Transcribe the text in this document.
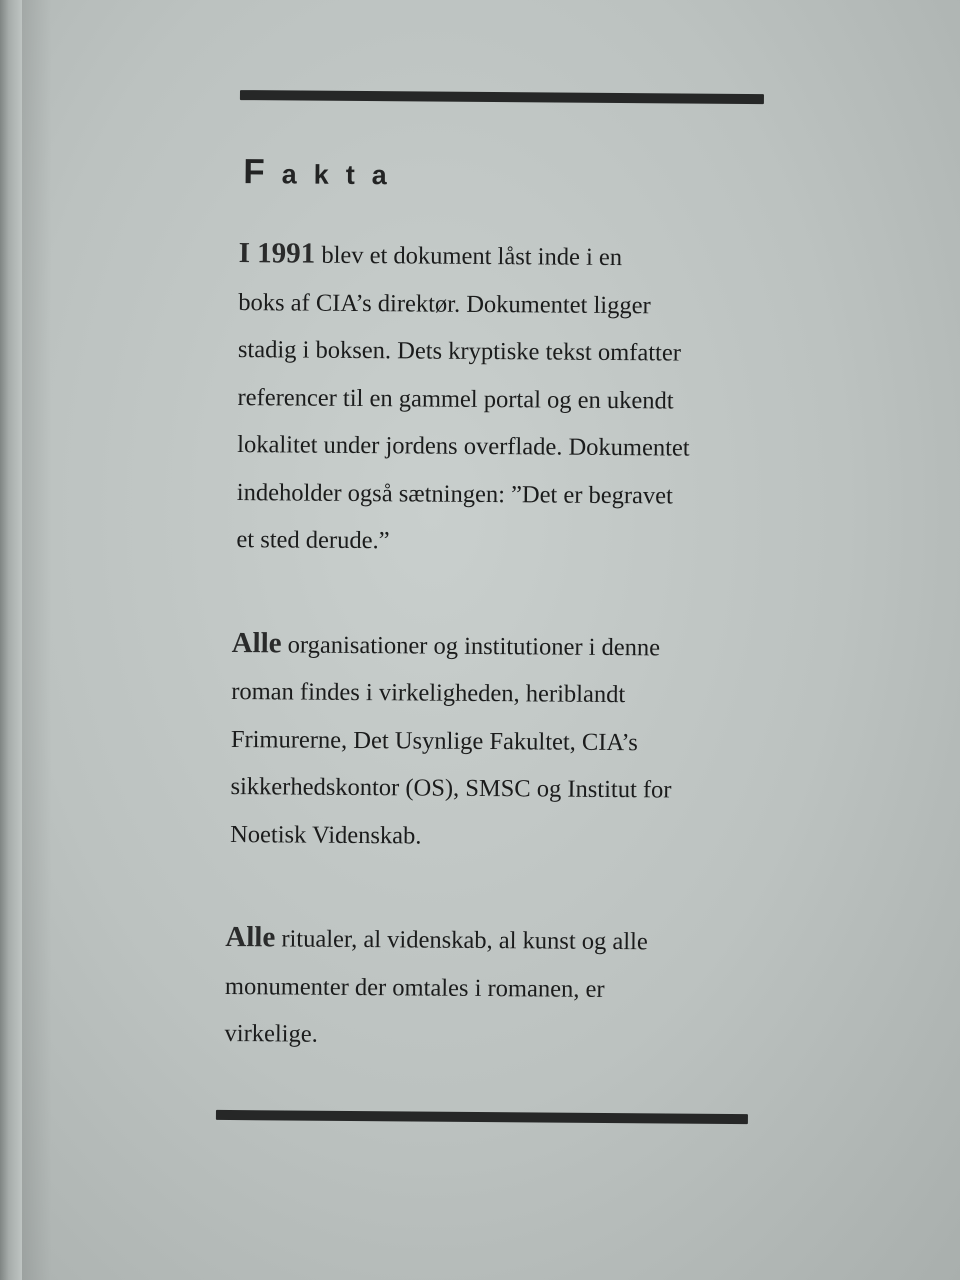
Fakta

I 1991 blev et dokument låst inde i en
boks af CIA’s direktør. Dokumentet ligger
stadig i boksen. Dets kryptiske tekst omfatter
referencer til en gammel portal og en ukendt
lokalitet under jordens overflade. Dokumentet
indeholder også sætningen: ”Det er begravet
et sted derude.”

Alle organisationer og institutioner i denne
roman findes i virkeligheden, heriblandt
Frimurerne, Det Usynlige Fakultet, CIA’s
sikkerhedskontor (OS), SMSC og Institut for
Noetisk Videnskab.

Alle ritualer, al videnskab, al kunst og alle
monumenter der omtales i romanen, er
virkelige.
